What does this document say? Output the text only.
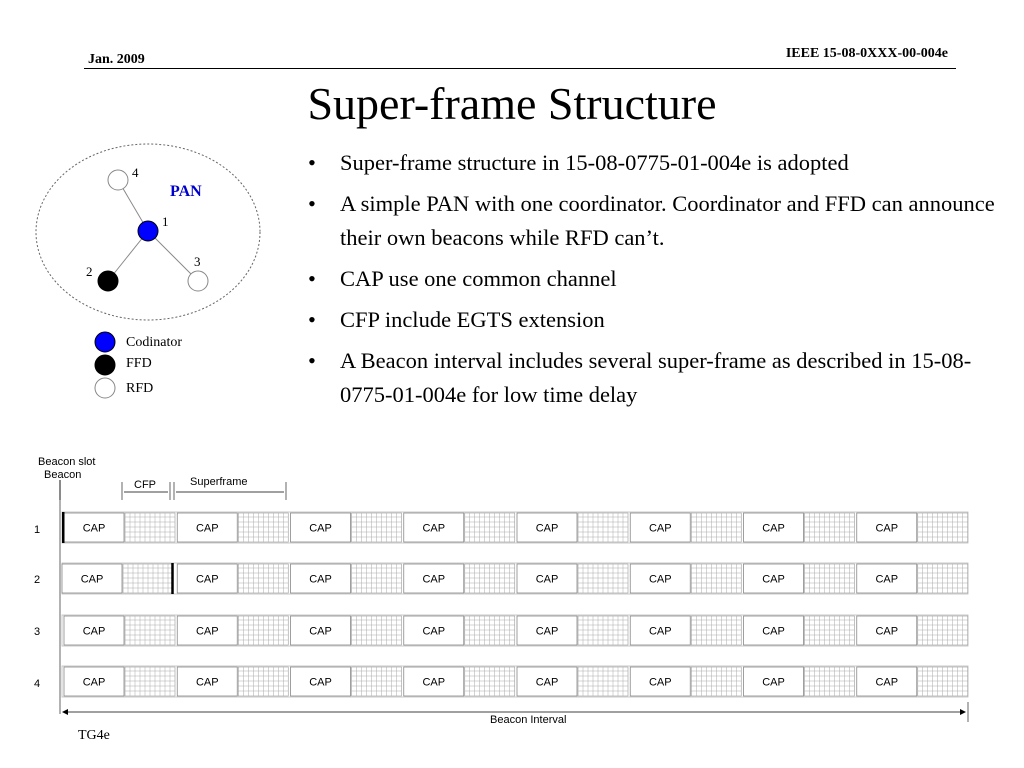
Jan. 2009	IEEE 15-08-0XXX-00-004e
Super-frame Structure
• Super-frame structure in 15-08-0775-01-004e is adopted
• A simple PAN with one coordinator. Coordinator and FFD can announce their own beacons while RFD can’t.
• CAP use one common channel
• CFP include EGTS extension
• A Beacon interval includes several super-frame as described in 15-08-0775-01-004e for low time delay
4
1
2
3
PAN
Codinator
FFD
RFD
Beacon slot
Beacon
CFP	Superframe
1
2
3
4
CAP	CAP	CAP	CAP	CAP	CAP	CAP	CAP
CAP	CAP	CAP	CAP	CAP	CAP	CAP	CAP
CAP	CAP	CAP	CAP	CAP	CAP	CAP	CAP
CAP	CAP	CAP	CAP	CAP	CAP	CAP	CAP
Beacon Interval
TG4e
